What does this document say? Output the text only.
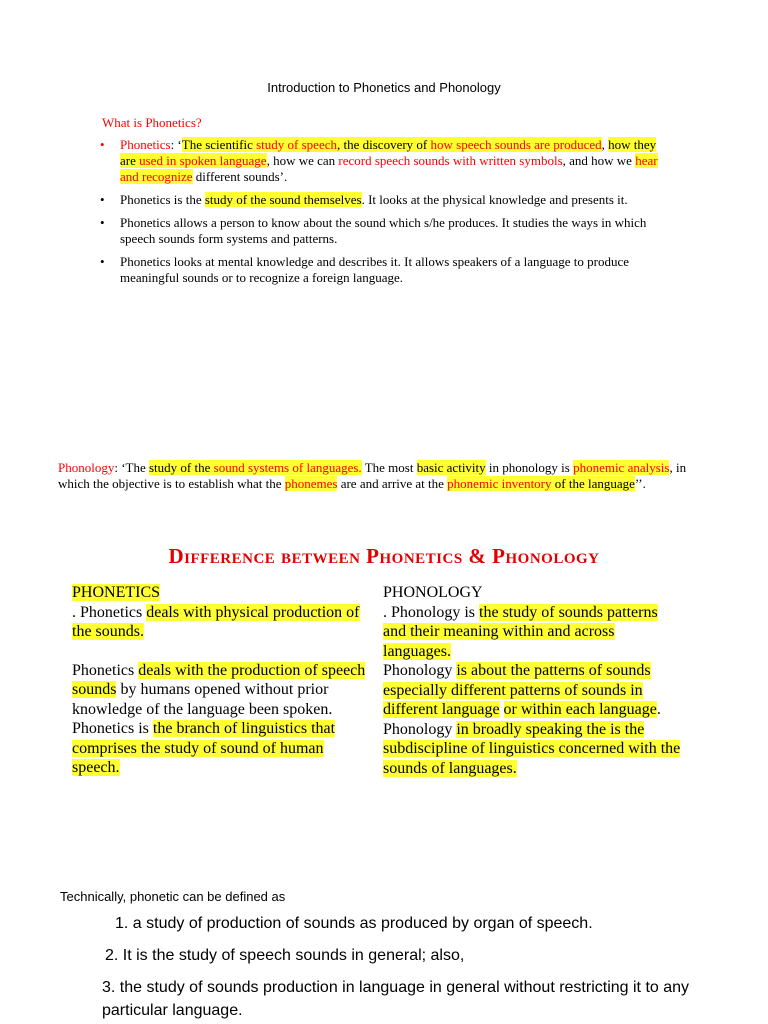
Introduction to Phonetics and Phonology
What is Phonetics?
• Phonetics: ‘The scientific study of speech, the discovery of how speech sounds are produced, how they are used in spoken language, how we can record speech sounds with written symbols, and how we hear and recognize different sounds’.
• Phonetics is the study of the sound themselves. It looks at the physical knowledge and presents it.
• Phonetics allows a person to know about the sound which s/he produces. It studies the ways in which speech sounds form systems and patterns.
• Phonetics looks at mental knowledge and describes it. It allows speakers of a language to produce meaningful sounds or to recognize a foreign language.
Phonology: ‘The study of the sound systems of languages. The most basic activity in phonology is phonemic analysis, in which the objective is to establish what the phonemes are and arrive at the phonemic inventory of the language’’.
Difference between Phonetics & Phonology

PHONETICS

. Phonetics deals with physical production of the sounds.

Phonetics deals with the production of speech sounds by humans opened without prior knowledge of the language been spoken.

Phonetics is the branch of linguistics that comprises the study of sound of human speech.

PHONOLOGY

. Phonology is the study of sounds patterns and their meaning within and across languages.

Phonology is about the patterns of sounds especially different patterns of sounds in different language or within each language.

Phonology in broadly speaking the is the subdiscipline of linguistics concerned with the sounds of languages.

Technically, phonetic can be defined as
1. a study of production of sounds as produced by organ of speech.
2. It is the study of speech sounds in general; also,
3. the study of sounds production in language in general without restricting it to any particular language.
